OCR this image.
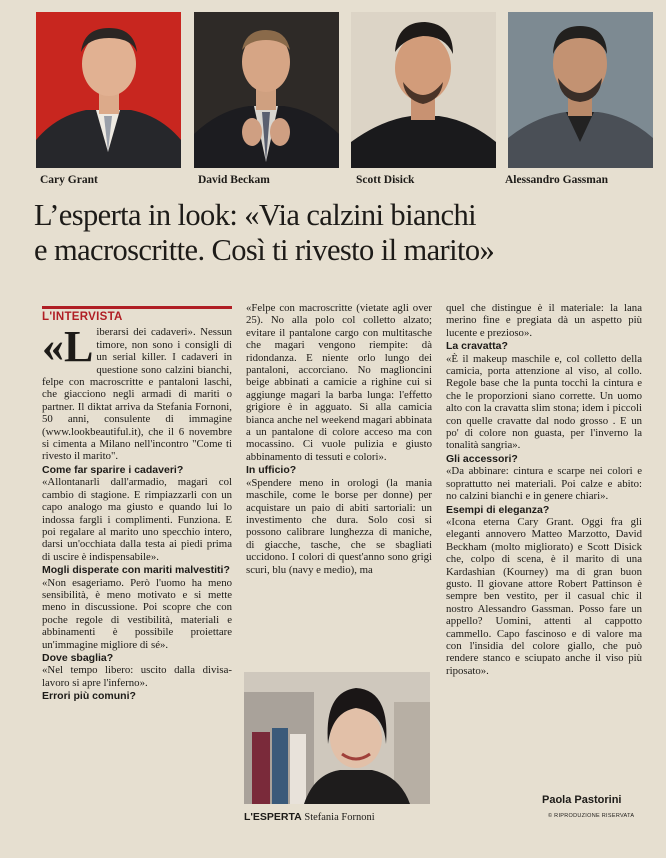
Cary Grant	David Beckam	Scott Disick	Alessandro Gassman
L’esperta in look: «Via calzini bianchi
e macroscritte. Così ti rivesto il marito»
L'INTERVISTA

«Liberarsi dei cadaveri». Nessun timore, non sono i consigli di un serial killer. I cadaveri in questione sono calzini bianchi, felpe con macroscritte e pantaloni laschi, che giacciono negli armadi di mariti o partner. Il diktat arriva da Stefania Fornoni, 50 anni, consulente di immagine (www.lookbeautiful.it), che il 6 novembre si cimenta a Milano nell'incontro "Come ti rivesto il marito".

Come far sparire i cadaveri?

«Allontanarli dall'armadio, magari col cambio di stagione. E rimpiazzarli con un capo analogo ma giusto e quando lui lo indossa fargli i complimenti. Funziona. E poi regalare al marito uno specchio intero, darsi un'occhiata dalla testa ai piedi prima di uscire è indispensabile».

Mogli disperate con mariti malvestiti?

«Non esageriamo. Però l'uomo ha meno sensibilità, è meno motivato e si mette meno in discussione. Poi scopre che con poche regole di vestibilità, materiali e abbinamenti è possibile proiettare un'immagine migliore di sé».

Dove sbaglia?

«Nel tempo libero: uscito dalla divisa-lavoro si apre l'inferno».

Errori più comuni?

«Felpe con macroscritte (vietate agli over 25). No alla polo col colletto alzato; evitare il pantalone cargo con multitasche che magari vengono riempite: dà ridondanza. E niente orlo lungo dei pantaloni, accorciano. No maglioncini beige abbinati a camicie a righine cui si aggiunge magari la barba lunga: l'effetto grigiore è in agguato. Sì alla camicia bianca anche nel weekend magari abbinata a un pantalone di colore acceso ma con mocassino. Ci vuole pulizia e giusto abbinamento di tessuti e colori».

In ufficio?

«Spendere meno in orologi (la mania maschile, come le borse per donne) per acquistare un paio di abiti sartoriali: un investimento che dura. Solo così si possono calibrare lunghezza di maniche, di giacche, tasche, che se sbagliati uccidono. I colori di quest'anno sono grigi scuri, blu (navy e medio), ma

L'ESPERTA Stefania Fornoni

quel che distingue è il materiale: la lana merino fine e pregiata dà un aspetto più lucente e prezioso».

La cravatta?

«È il makeup maschile e, col colletto della camicia, porta attenzione al viso, al collo. Regole base che la punta tocchi la cintura e che le proporzioni siano corrette. Un uomo alto con la cravatta slim stona; idem i piccoli con quelle cravatte dal nodo grosso . E un po' di colore non guasta, per l'inverno la tonalità sangria».

Gli accessori?

«Da abbinare: cintura e scarpe nei colori e soprattutto nei materiali. Poi calze e abito: no calzini bianchi e in genere chiari».

Esempi di eleganza?

«Icona eterna Cary Grant. Oggi fra gli eleganti annovero Matteo Marzotto, David Beckham (molto migliorato) e Scott Disick che, colpo di scena, è il marito di una Kardashian (Kourney) ma di gran buon gusto. Il giovane attore Robert Pattinson è sempre ben vestito, per il casual chic il nostro Alessandro Gassman. Posso fare un appello? Uomini, attenti al cappotto cammello. Capo fascinoso e di valore ma con l'insidia del colore giallo, che può rendere stanco e sciupato anche il viso più riposato».

Paola Pastorini
© RIPRODUZIONE RISERVATA
